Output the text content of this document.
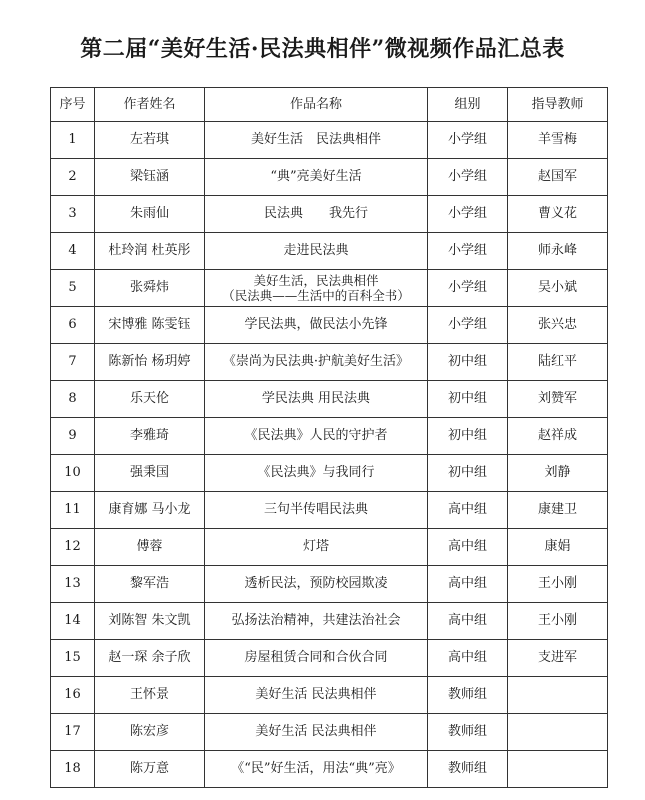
第二届“美好生活·民法典相伴”微视频作品汇总表
序号	作者姓名	作品名称	组别	指导教师
1	左若琪	美好生活　民法典相伴	小学组	羊雪梅
2	梁钰涵	“典”亮美好生活	小学组	赵国军
3	朱雨仙	民法典　　我先行	小学组	曹义花
4	杜玲润 杜英彤	走进民法典	小学组	师永峰
5	张舜炜	美好生活，民法典相伴
（民法典——生活中的百科全书）	小学组	吴小斌
6	宋博雅 陈雯钰	学民法典，做民法小先锋	小学组	张兴忠
7	陈新怡 杨玥婷	《崇尚为民法典·护航美好生活》	初中组	陆红平
8	乐天伦	学民法典 用民法典	初中组	刘赞军
9	李雅琦	《民法典》人民的守护者	初中组	赵祥成
10	强秉国	《民法典》与我同行	初中组	刘静
11	康育娜 马小龙	三句半传唱民法典	高中组	康建卫
12	傅蓉	灯塔	高中组	康娟
13	黎军浩	透析民法，预防校园欺凌	高中组	王小刚
14	刘陈智 朱文凯	弘扬法治精神，共建法治社会	高中组	王小刚
15	赵一琛 余子欣	房屋租赁合同和合伙合同	高中组	支进军
16	王怀景	美好生活 民法典相伴	教师组	
17	陈宏彦	美好生活 民法典相伴	教师组	
18	陈万意	《“民”好生活，用法“典”亮》	教师组	
